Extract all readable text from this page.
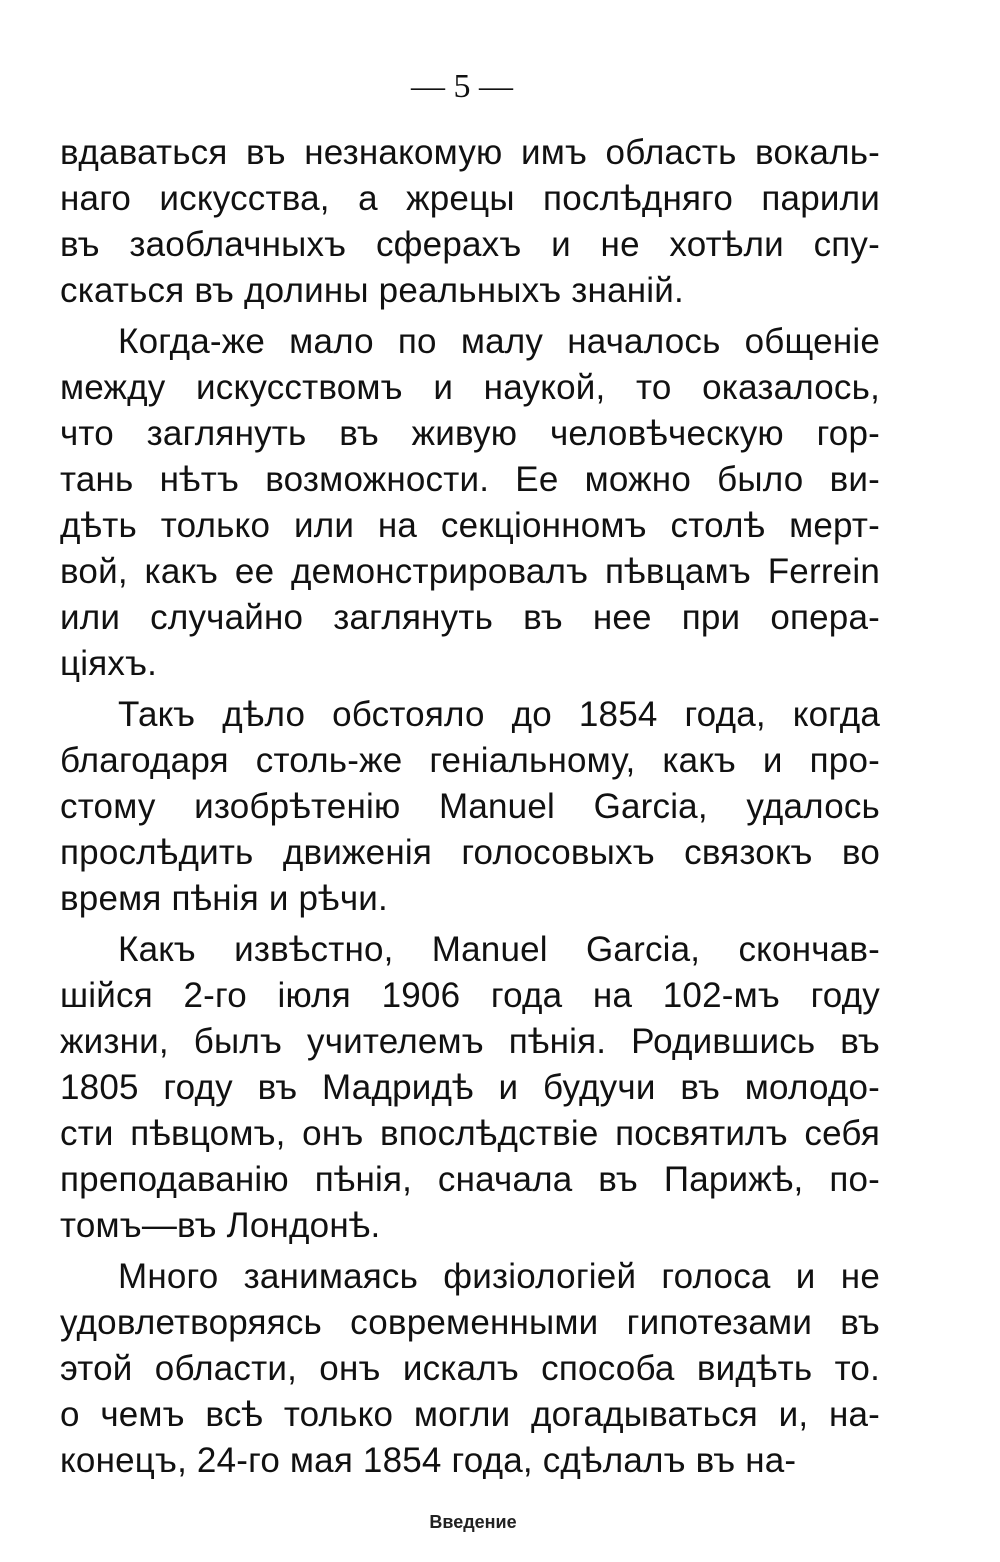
— 5 —
вдаваться въ незнакомую имъ область вокаль-
наго искусства, а жрецы послѣдняго парили
въ заоблачныхъ сферахъ и не хотѣли спу-
скаться въ долины реальныхъ знаній.
Когда-же мало по малу началось общеніе
между искусствомъ и наукой, то оказалось,
что заглянуть въ живую человѣческую гор-
тань нѣтъ возможности. Ее можно было ви-
дѣть только или на секціонномъ столѣ мерт-
вой, какъ ее демонстрировалъ пѣвцамъ Ferrein
или случайно заглянуть въ нее при опера-
ціяхъ.
Такъ дѣло обстояло до 1854 года, когда
благодаря столь-же геніальному, какъ и про-
стому изобрѣтенію Manuel Garcia, удалось
прослѣдить движенія голосовыхъ связокъ во
время пѣнія и рѣчи.
Какъ извѣстно, Manuel Garcia, скончав-
шійся 2-го іюля 1906 года на 102-мъ году
жизни, былъ учителемъ пѣнія. Родившись въ
1805 году въ Мадридѣ и будучи въ молодо-
сти пѣвцомъ, онъ впослѣдствіе посвятилъ себя
преподаванію пѣнія, сначала въ Парижѣ, по-
томъ—въ Лондонѣ.
Много занимаясь физіологіей голоса и не
удовлетворяясь современными гипотезами въ
этой области, онъ искалъ способа видѣть то.
о чемъ всѣ только могли догадываться и, на-
конецъ, 24-го мая 1854 года, сдѣлалъ въ на-
Введение
